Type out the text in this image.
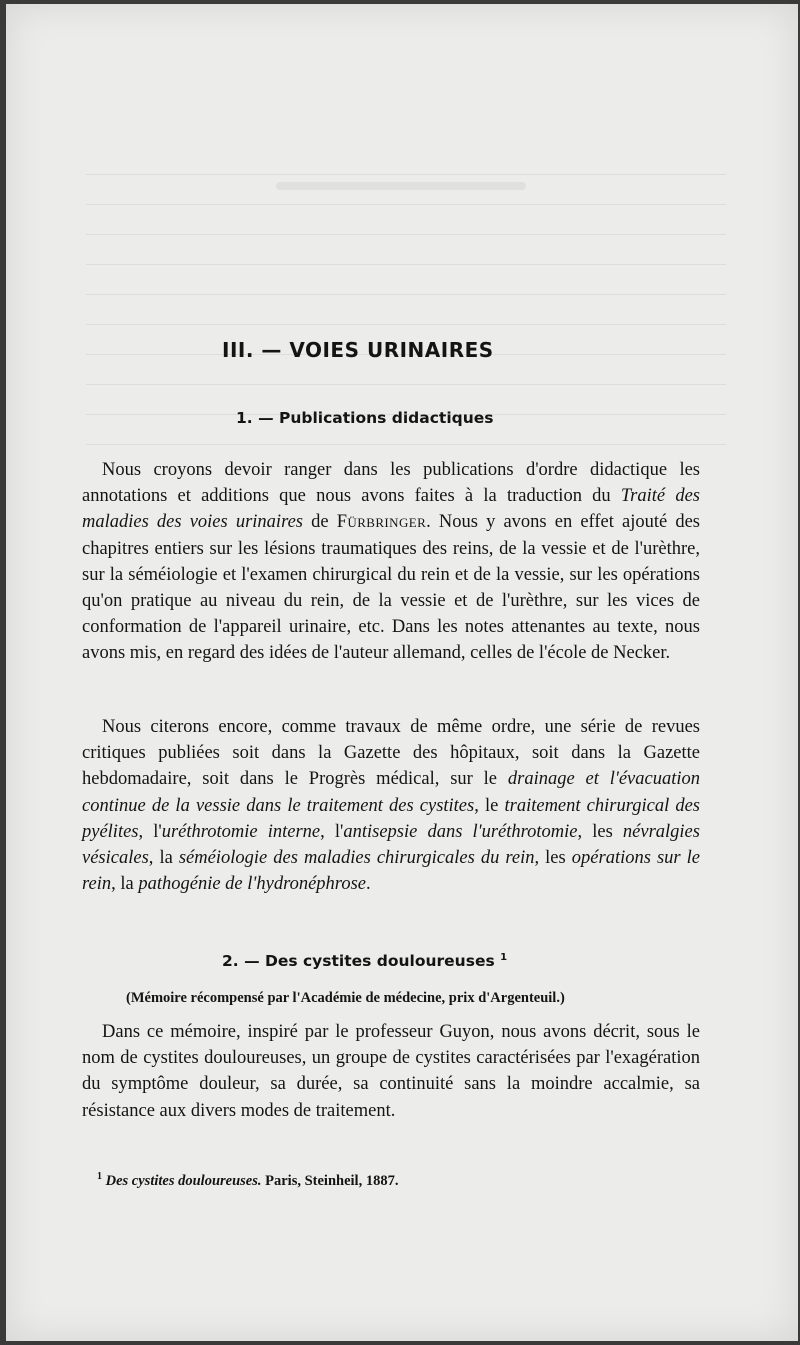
III. — VOIES URINAIRES
1. — Publications didactiques

Nous croyons devoir ranger dans les publications d'ordre didactique les annotations et additions que nous avons faites à la traduction du Traité des maladies des voies urinaires de Fürbringer. Nous y avons en effet ajouté des chapitres entiers sur les lésions traumatiques des reins, de la vessie et de l'urèthre, sur la séméiologie et l'examen chirurgical du rein et de la vessie, sur les opérations qu'on pratique au niveau du rein, de la vessie et de l'urèthre, sur les vices de conformation de l'appareil urinaire, etc. Dans les notes attenantes au texte, nous avons mis, en regard des idées de l'auteur allemand, celles de l'école de Necker.

Nous citerons encore, comme travaux de même ordre, une série de revues critiques publiées soit dans la Gazette des hôpitaux, soit dans la Gazette hebdomadaire, soit dans le Progrès médical, sur le drainage et l'évacuation continue de la vessie dans le traitement des cystites, le traitement chirurgical des pyélites, l'uréthrotomie interne, l'antisepsie dans l'uréthrotomie, les névralgies vésicales, la séméiologie des maladies chirurgicales du rein, les opérations sur le rein, la pathogénie de l'hydronéphrose.

2. — Des cystites douloureuses $^1$

(Mémoire récompensé par l'Académie de médecine, prix d'Argenteuil.)

Dans ce mémoire, inspiré par le professeur Guyon, nous avons décrit, sous le nom de cystites douloureuses, un groupe de cystites caractérisées par l'exagération du symptôme douleur, sa durée, sa continuité sans la moindre accalmie, sa résistance aux divers modes de traitement.

$^1$ Des cystites douloureuses. Paris, Steinheil, 1887.
